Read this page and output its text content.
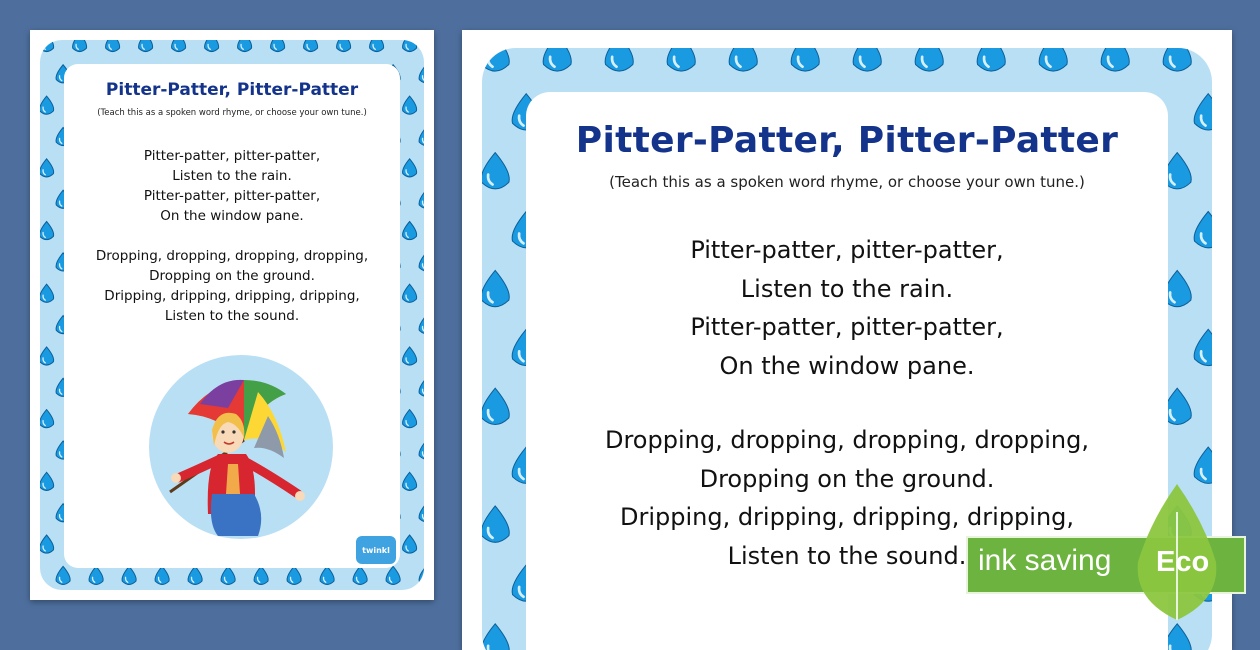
Pitter-Patter, Pitter-Patter

(Teach this as a spoken word rhyme, or choose your own tune.)

Pitter-patter, pitter-patter,
Listen to the rain.
Pitter-patter, pitter-patter,
On the window pane.

Dropping, dropping, dropping, dropping,
Dropping on the ground.
Dripping, dripping, dripping, dripping,
Listen to the sound.

twinkl
Pitter-Patter, Pitter-Patter

(Teach this as a spoken word rhyme, or choose your own tune.)

Pitter-patter, pitter-patter,
Listen to the rain.
Pitter-patter, pitter-patter,
On the window pane.

Dropping, dropping, dropping, dropping,
Dropping on the ground.
Dripping, dripping, dripping, dripping,
Listen to the sound. ink saving Eco
